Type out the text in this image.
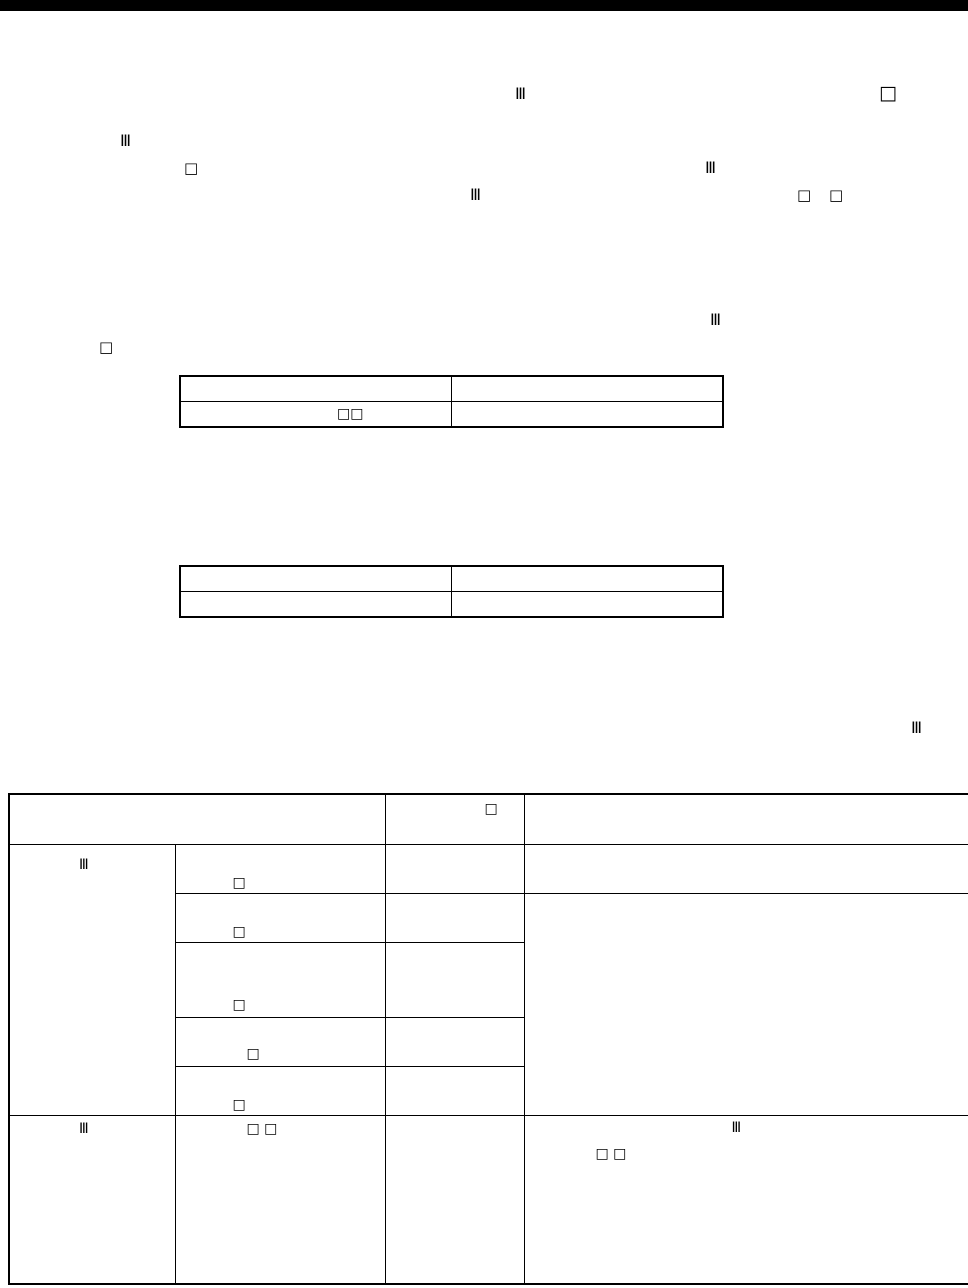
Ⅲ	□
Ⅲ
□	Ⅲ
Ⅲ	□ □
Ⅲ
□

□□	

Ⅲ

		□	

Ⅲ	□		

	□		

	□		

	□		

	□		

Ⅲ	□ □		Ⅲ
□ □
